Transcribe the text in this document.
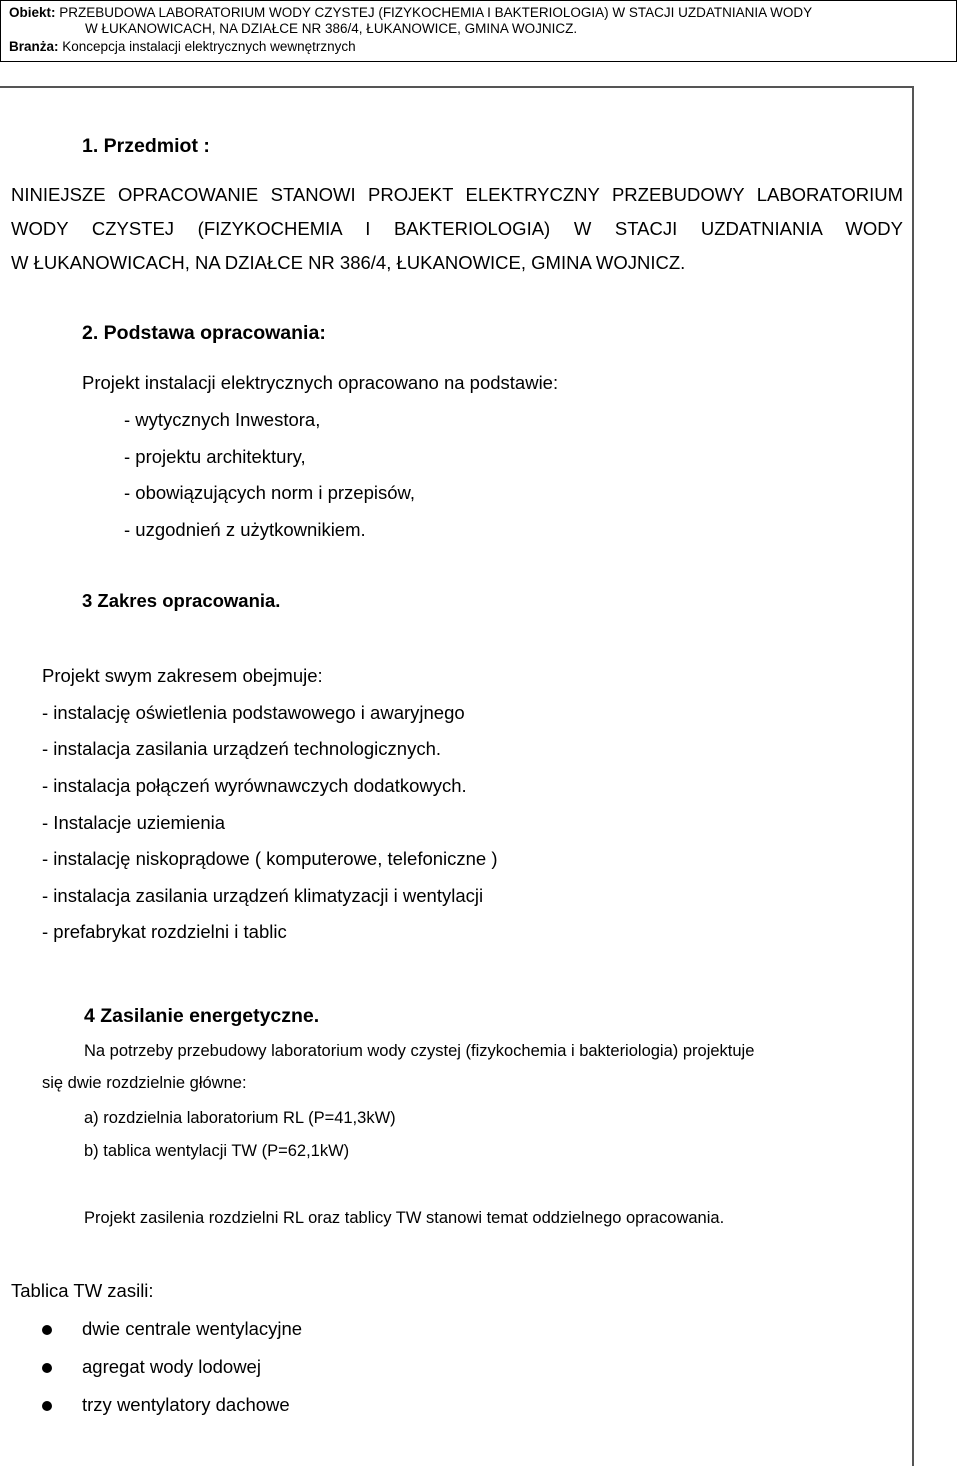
Obiekt: PRZEBUDOWA LABORATORIUM WODY CZYSTEJ (FIZYKOCHEMIA I BAKTERIOLOGIA) W STACJI UZDATNIANIA WODY
W ŁUKANOWICACH, NA DZIAŁCE NR 386/4, ŁUKANOWICE, GMINA WOJNICZ.
Branża: Koncepcja instalacji elektrycznych wewnętrznych
1. Przedmiot :
NINIEJSZE OPRACOWANIE STANOWI PROJEKT ELEKTRYCZNY PRZEBUDOWY LABORATORIUM
WODY CZYSTEJ (FIZYKOCHEMIA I BAKTERIOLOGIA) W STACJI UZDATNIANIA WODY
W ŁUKANOWICACH, NA DZIAŁCE NR 386/4, ŁUKANOWICE, GMINA WOJNICZ.
2. Podstawa opracowania:
Projekt instalacji elektrycznych opracowano na podstawie:
- wytycznych Inwestora,
- projektu architektury,
- obowiązujących norm i przepisów,
- uzgodnień z użytkownikiem.
3 Zakres opracowania.
Projekt swym zakresem obejmuje:
- instalację oświetlenia podstawowego i awaryjnego
- instalacja zasilania urządzeń technologicznych.
- instalacja połączeń wyrównawczych dodatkowych.
- Instalacje uziemienia
- instalację niskoprądowe ( komputerowe, telefoniczne )
- instalacja zasilania urządzeń klimatyzacji i wentylacji
- prefabrykat rozdzielni i tablic
4 Zasilanie energetyczne.
Na potrzeby przebudowy laboratorium wody czystej (fizykochemia i bakteriologia) projektuje
się dwie rozdzielnie główne:
a) rozdzielnia laboratorium RL (P=41,3kW)
b) tablica wentylacji TW (P=62,1kW)
Projekt zasilenia rozdzielni RL oraz tablicy TW stanowi temat oddzielnego opracowania.
Tablica TW zasili:
dwie centrale wentylacyjne
agregat wody lodowej
trzy wentylatory dachowe
